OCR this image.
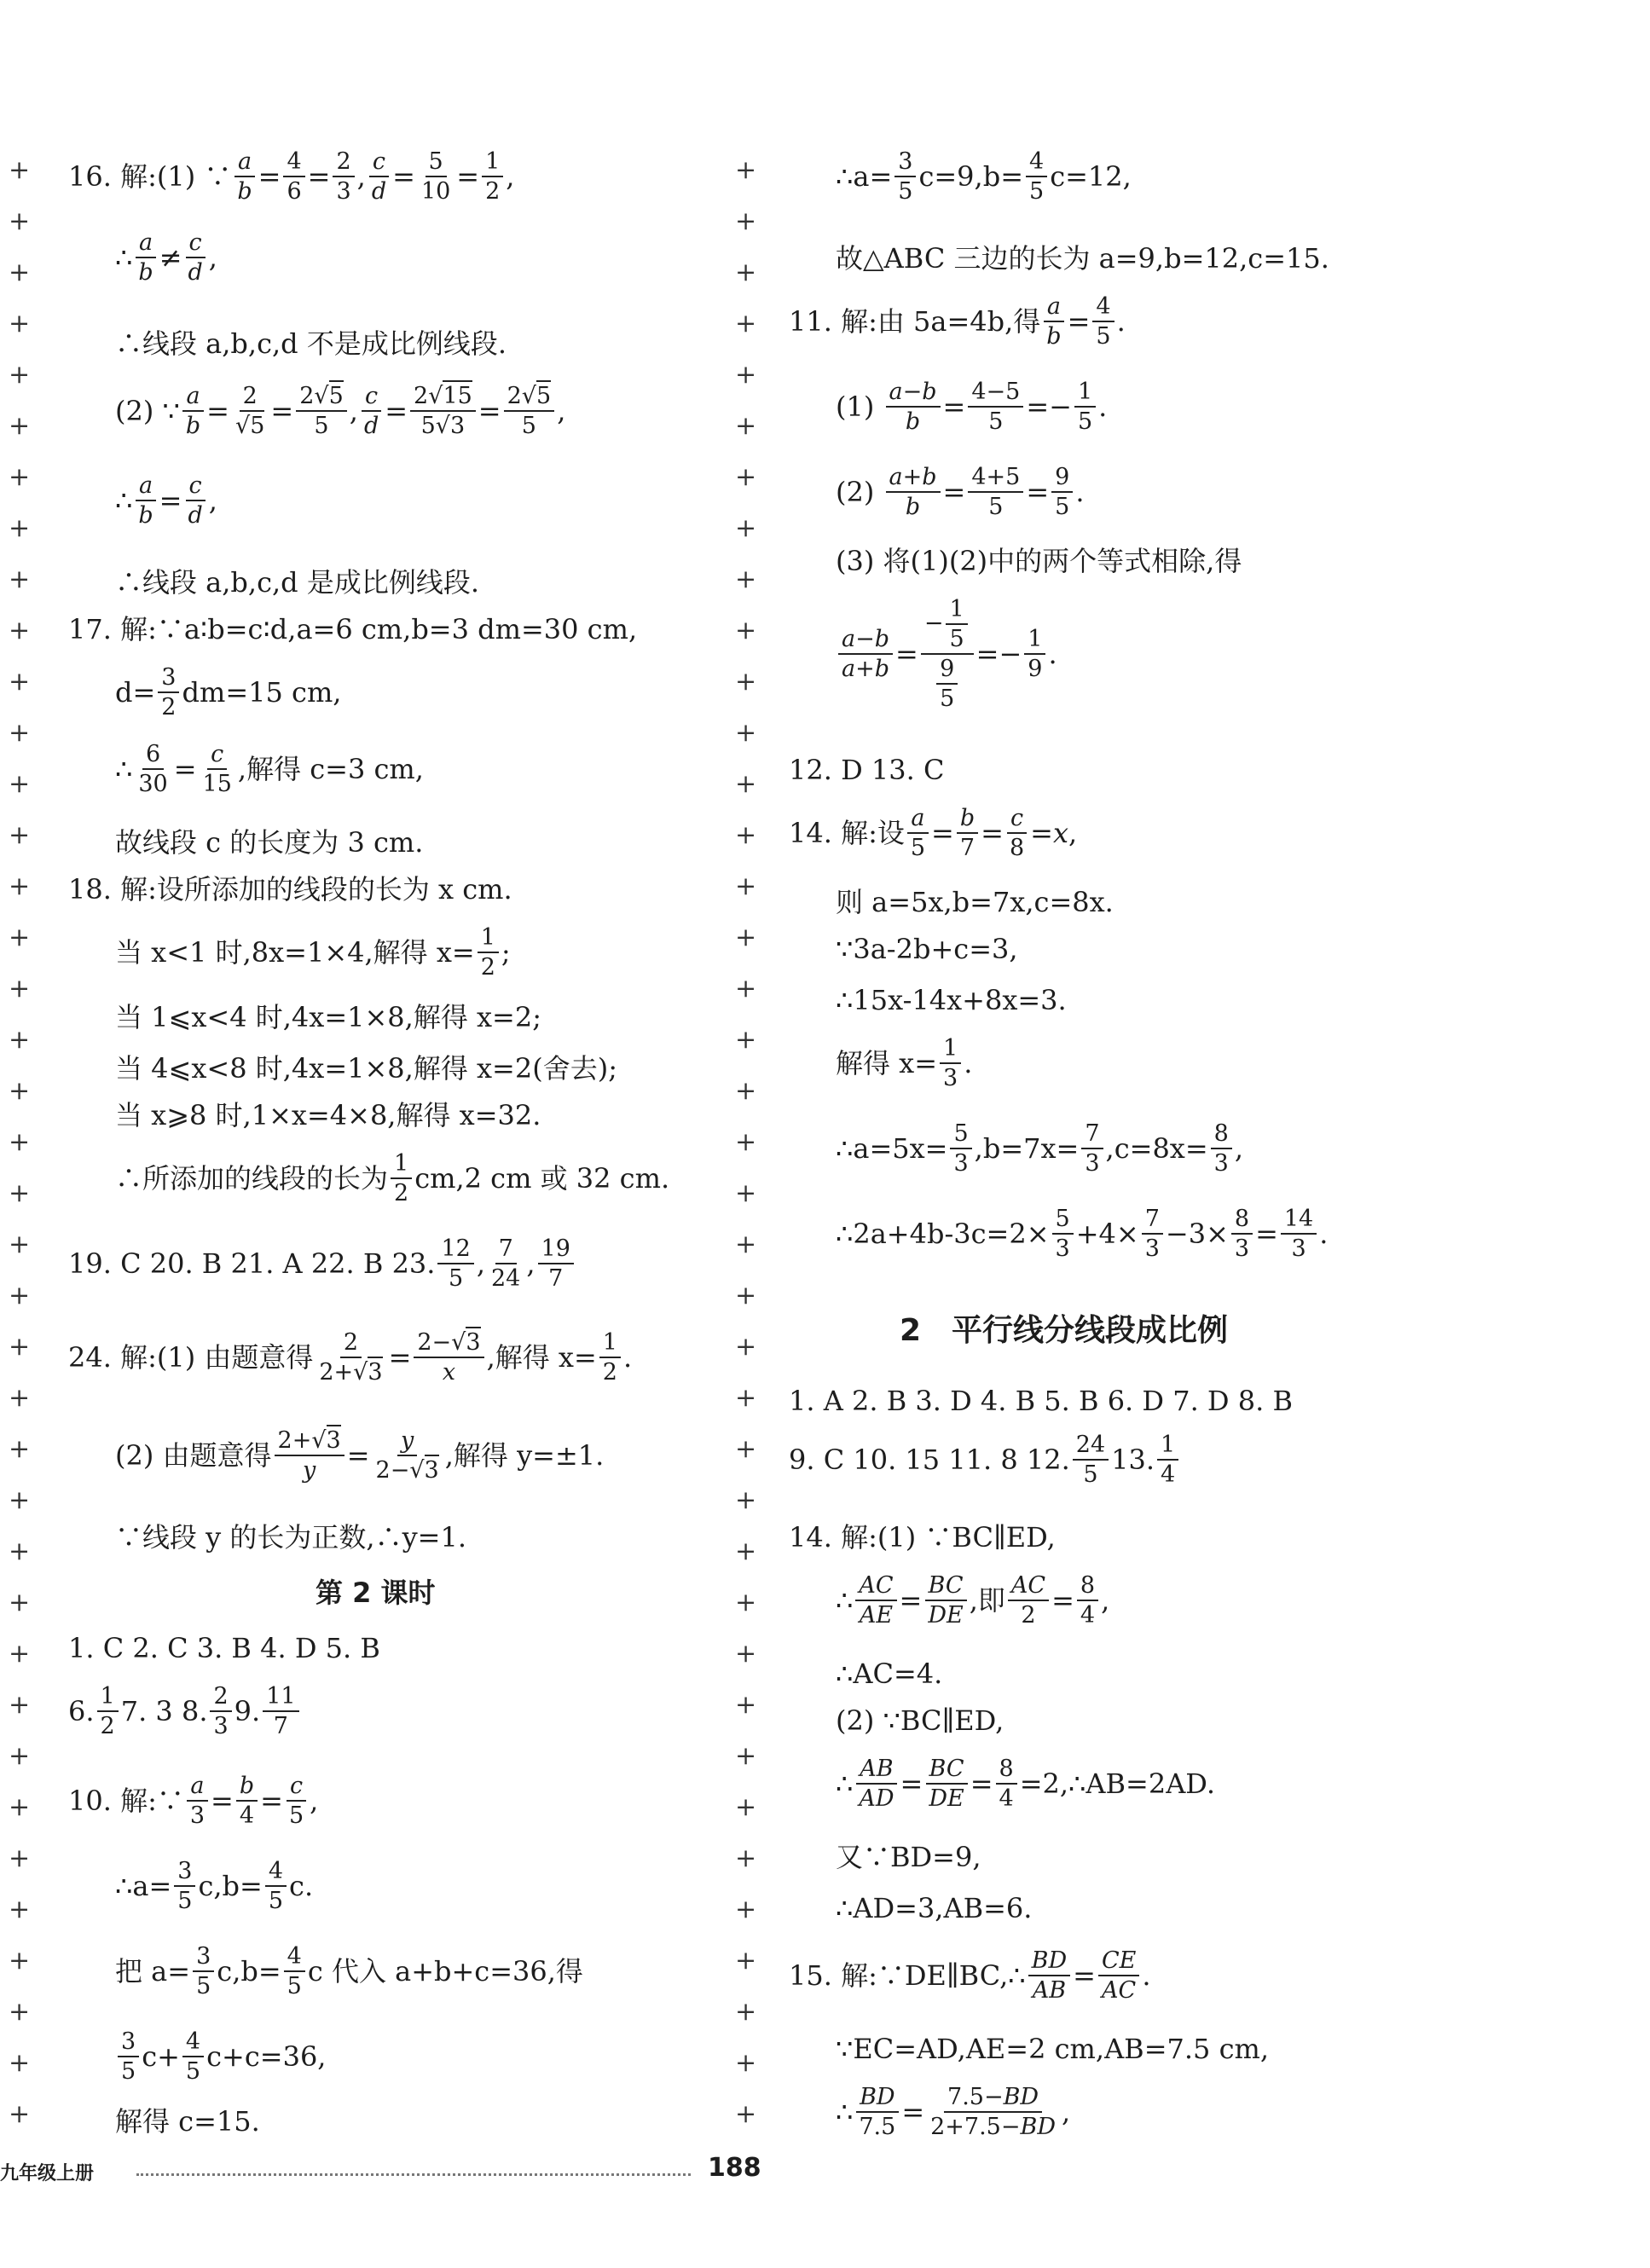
+
+
+
+
+
+
+
+
+
+
+
+
+
+
+
+
+
+
+
+
+
+
+
+
+
+
+
+
+
+
+
+
+
+
+
+
+
+
+
+
+
+
+
+
+
+
+
+
+
+
+
+
+
+
+
+
+
+
+
+
+
+
+
+
+
+
+
+
+
+
+
+
+
+
+
+
+
+
16.
解:(1) ∵ $\frac{a}{b} = \frac{4}{6} = \frac{2}{3}$ , $\frac{c}{d} = \frac{5}{10} = \frac{1}{2}$ ,
∴ $\frac{a}{b} \ne \frac{c}{d}$ ,
∴线段 a,b,c,d 不是成比例线段.
(2) ∵ $\frac{a}{b} = \frac{2}{√5} = \frac{2√5}{5}$ , $\frac{c}{d} = \frac{2√15}{5√3} = \frac{2√5}{5}$ ,
∴ $\frac{a}{b} = \frac{c}{d}$ ,
∴线段 a,b,c,d 是成比例线段.
17. 解:∵a∶b=c∶d,a=6 cm,b=3 dm=30 cm,
$d= \frac{3}{2} dm=15$ cm,
∴ $\frac{6}{30} = \frac{c}{15}$ ,解得 c=3 cm,
故线段 c 的长度为 3 cm.
18. 解:设所添加的线段的长为 x cm.
当 x<1 时,8x=1×4,解得 $x= \frac{1}{2}$ ;
当 1⩽x<4 时,4x=1×8,解得 x=2;
当 4⩽x<8 时,4x=1×8,解得 x=2(舍去);
当 x⩾8 时,1×x=4×8,解得 x=32.
∴所添加的线段的长为 $\frac{1}{2} cm,2$ cm 或 32 cm.
19. C 20. B 21. A 22. B 23. $\frac{12}{5}$ , $\frac{7}{24}$ , $\frac{19}{7}$
24. 解:(1) 由题意得 $\frac{2}{2+√3} = \frac{2-√3}{x}$ ,解得 $x= \frac{1}{2}$ .
(2) 由题意得 $\frac{2+√3}{y} = \frac{y}{2-√3}$ ,解得 y=±1.
∵线段 y 的长为正数,∴y=1.
第 2 课时
1. C 2. C 3. B 4. D 5. B
6. $\frac{1}{2} 7$. 3 8. $\frac{2}{3} 9$. $\frac{11}{7}$
10. 解:∵ $\frac{a}{3} = \frac{b}{4} = \frac{c}{5}$ ,
∴a= $\frac{3}{5} c,b= \frac{4}{5} c$.
把 $a= \frac{3}{5} c,b= \frac{4}{5}$ c 代入 a+b+c=36,得
$\frac{3}{5} c+ \frac{4}{5} c+c=36$,
解得 c=15.
∴a= $\frac{3}{5} c=9,b= \frac{4}{5} c=12$,
故△ABC 三边的长为 a=9,b=12,c=15.
11. 解:由 5a=4b,得 $\frac{a}{b} = \frac{4}{5}$ .
(1)
$\frac{a-b}{b} = \frac{4-5}{5} =- \frac{1}{5}$ .
(2)
$\frac{a+b}{b} = \frac{4+5}{5} = \frac{9}{5}$ .
(3) 将(1)(2)中的两个等式相除,得
$\frac{a-b}{a+b} = \frac{- \frac{1}{5}}{\frac{9}{5}} =- \frac{1}{9}$ .
12. D 13. C
14. 解:设 $\frac{a}{5} = \frac{b}{7} = \frac{c}{8} = x$ ,
则 a=5x,b=7x,c=8x.
∵3a-2b+c=3,
∴15x-14x+8x=3.
解得 $x= \frac{1}{3}$ .
∴a=5x= $\frac{5}{3} ,b=7x= \frac{7}{3} ,c=8x= \frac{8}{3}$ ,
∴2a+4b-3c=2× $\frac{5}{3} +4\times \frac{7}{3} -3\times \frac{8}{3} = \frac{14}{3}$ .
2　平行线分线段成比例
1. A 2. B 3. D 4. B 5. B 6. D 7. D 8. B
9. C 10. 15 11. 8 12. $\frac{24}{5} 13$. $\frac{1}{4}$
14. 解:(1) ∵BC∥ED,
∴ $\frac{AC}{AE} = \frac{BC}{DE}$ ,即 $\frac{AC}{2} = \frac{8}{4}$ ,
∴AC=4.
(2) ∵BC∥ED,
∴ $\frac{AB}{AD} = \frac{BC}{DE} = \frac{8}{4}$ =2,∴AB=2AD.
又∵BD=9,
∴AD=3,AB=6.
15. 解:∵DE∥BC,∴ $\frac{BD}{AB} = \frac{CE}{AC}$ .
∵EC=AD,AE=2 cm,AB=7.5 cm,
∴ $\frac{BD}{7.5} = \frac{7.5-BD}{2+7.5-BD}$ ,
九年级上册	188
